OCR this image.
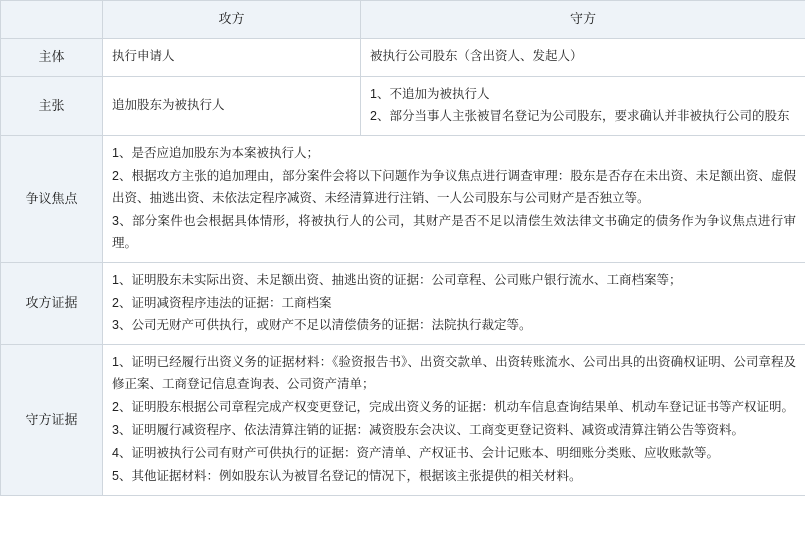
	攻方	守方
主体	执行申请人	被执行公司股东（含出资人、发起人）

主张	追加股东为被执行人	1、不追加为被执行人

2、部分当事人主张被冒名登记为公司股东，要求确认并非被执行公司的股东

争议焦点	1、是否应追加股东为本案被执行人；

2、根据攻方主张的追加理由，部分案件会将以下问题作为争议焦点进行调查审理：股东是否存在未出资、未足额出资、虚假出资、抽逃出资、未依法定程序减资、未经清算进行注销、一人公司股东与公司财产是否独立等。

3、部分案件也会根据具体情形，将被执行人的公司，其财产是否不足以清偿生效法律文书确定的债务作为争议焦点进行审理。	

攻方证据	1、证明股东未实际出资、未足额出资、抽逃出资的证据：公司章程、公司账户银行流水、工商档案等；

2、证明减资程序违法的证据：工商档案

3、公司无财产可供执行，或财产不足以清偿债务的证据：法院执行裁定等。	

守方证据	1、证明已经履行出资义务的证据材料：《验资报告书》、出资交款单、出资转账流水、公司出具的出资确权证明、公司章程及修正案、工商登记信息查询表、公司资产清单；

2、证明股东根据公司章程完成产权变更登记，完成出资义务的证据：机动车信息查询结果单、机动车登记证书等产权证明。

3、证明履行减资程序、依法清算注销的证据：减资股东会决议、工商变更登记资料、减资或清算注销公告等资料。

4、证明被执行公司有财产可供执行的证据：资产清单、产权证书、会计记账本、明细账分类账、应收账款等。

5、其他证据材料：例如股东认为被冒名登记的情况下，根据该主张提供的相关材料。	
